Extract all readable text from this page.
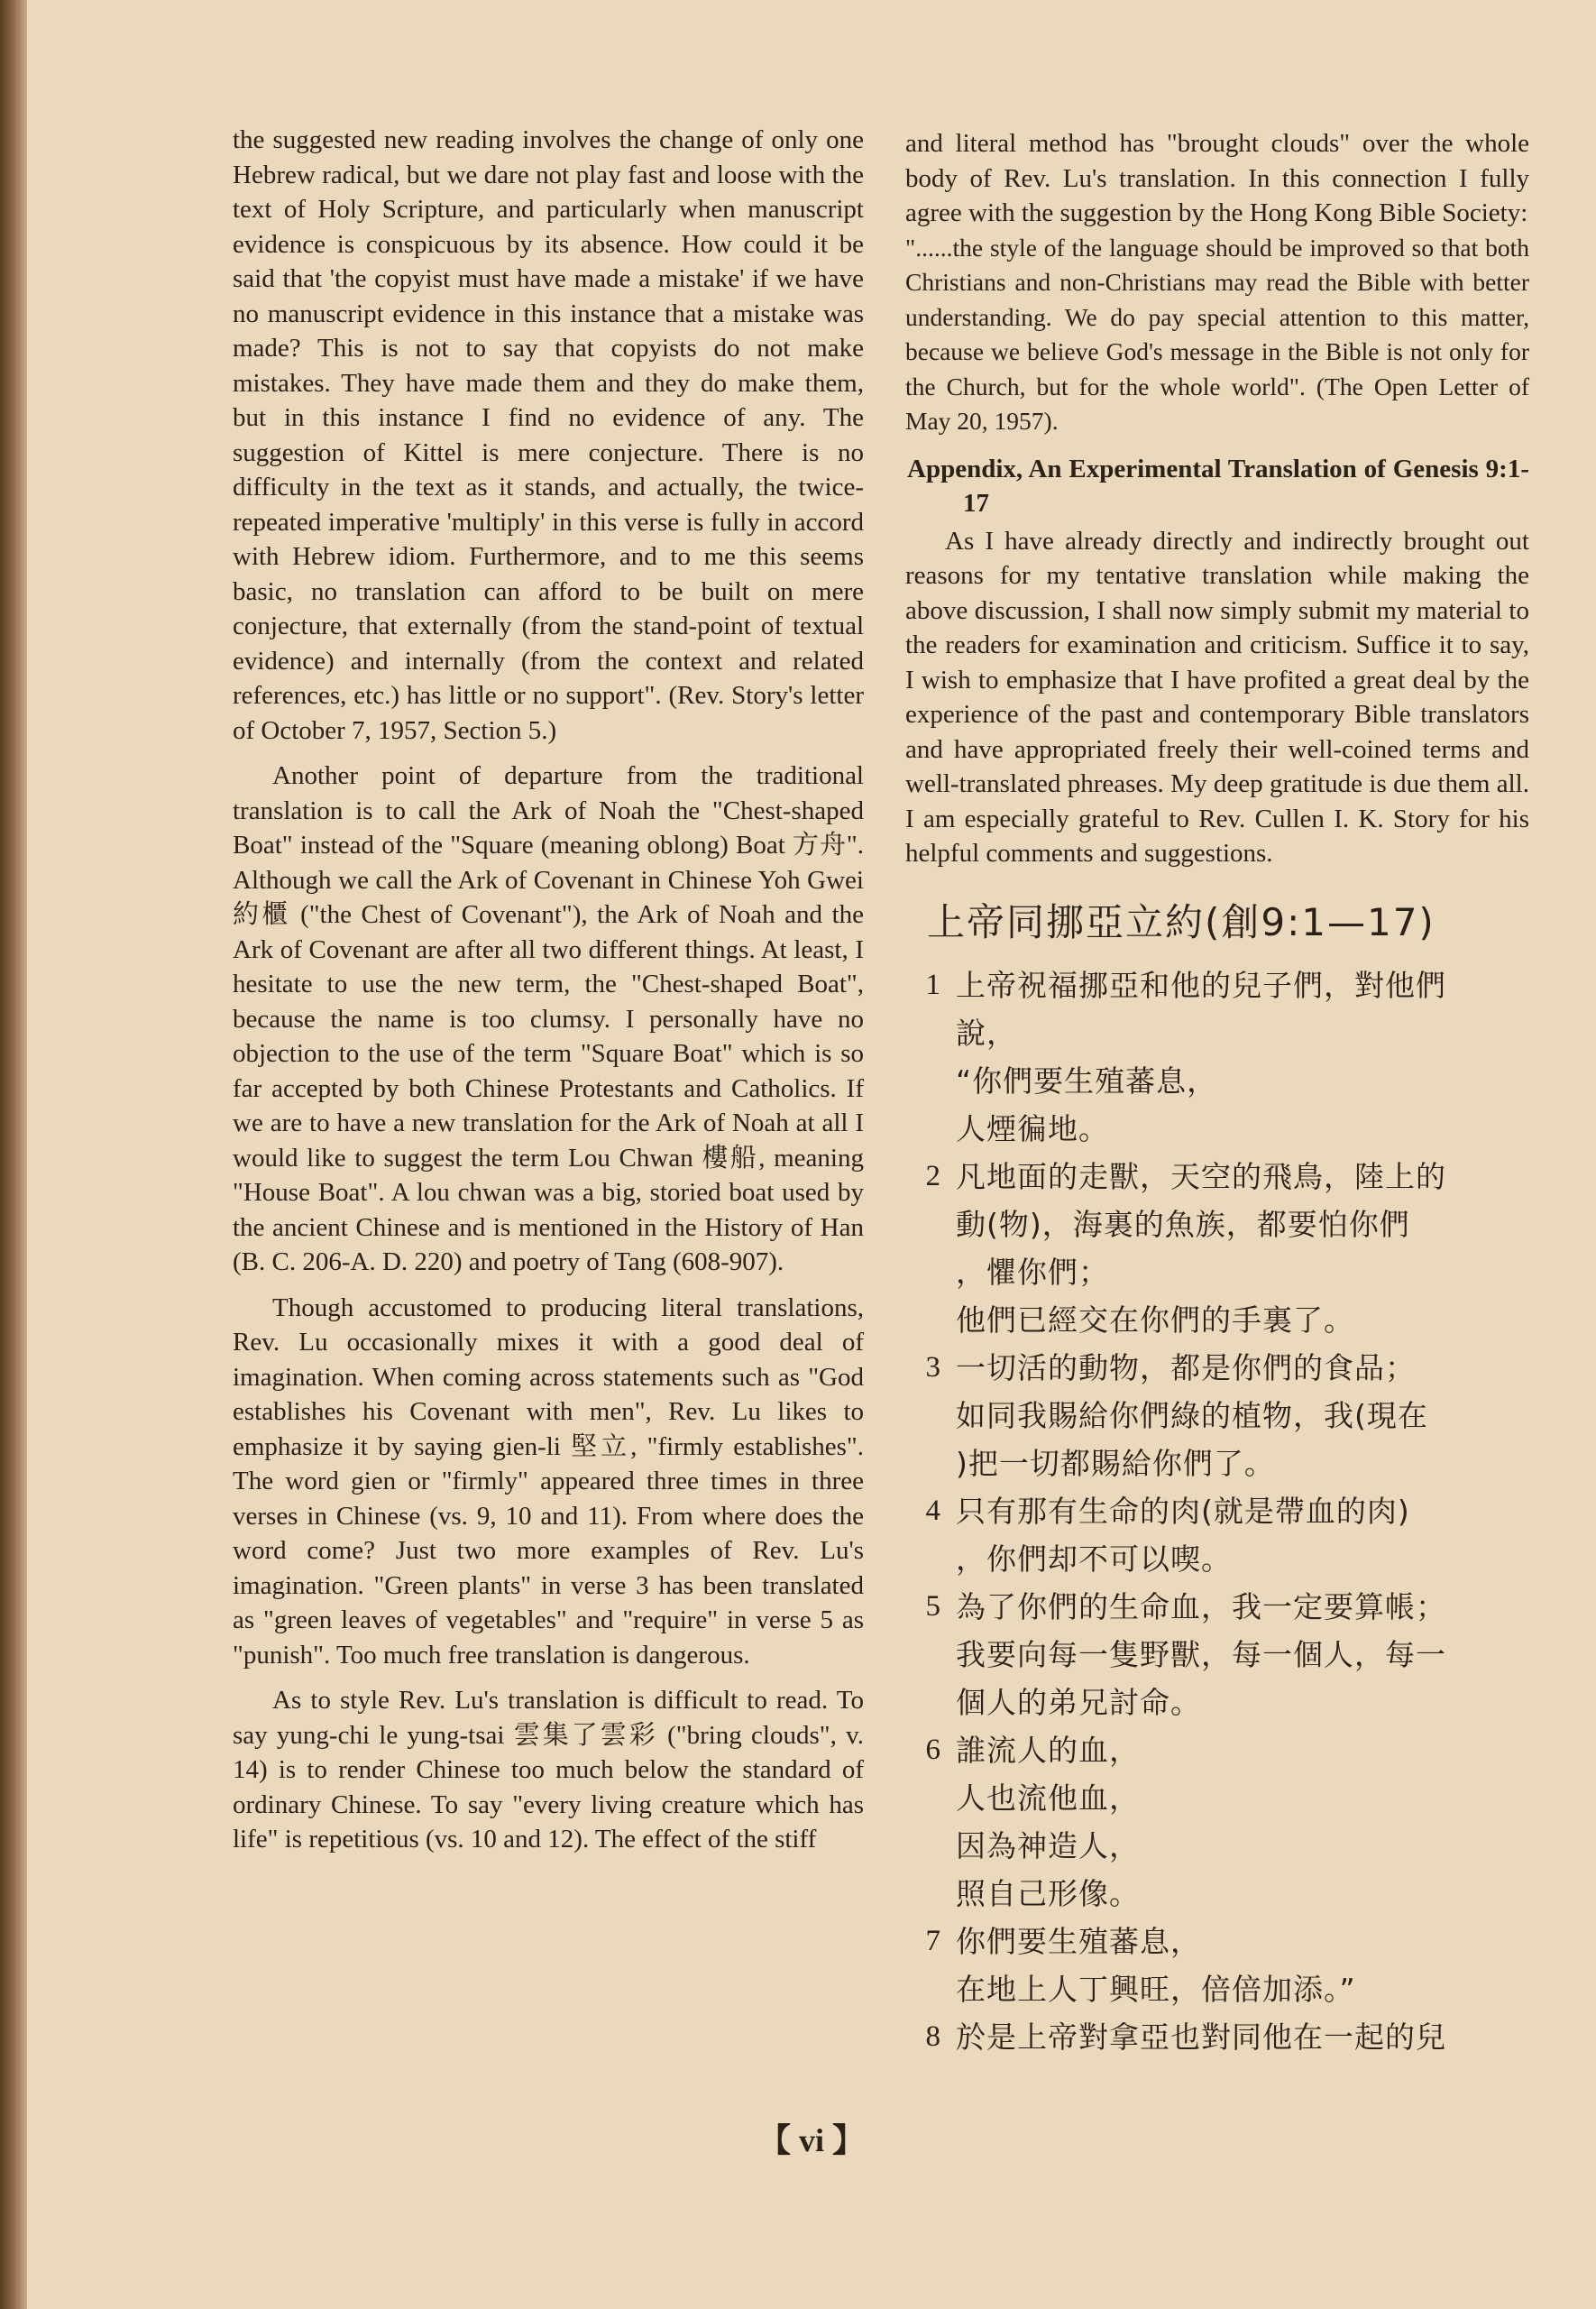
the suggested new reading involves the change of only one Hebrew radical, but we dare not play fast and loose with the text of Holy Scripture, and particularly when manuscript evidence is conspicuous by its absence. How could it be said that 'the copyist must have made a mistake' if we have no manuscript evidence in this instance that a mistake was made? This is not to say that copyists do not make mistakes. They have made them and they do make them, but in this instance I find no evidence of any. The suggestion of Kittel is mere conjecture. There is no difficulty in the text as it stands, and actually, the twice-repeated imperative 'multiply' in this verse is fully in accord with Hebrew idiom. Furthermore, and to me this seems basic, no translation can afford to be built on mere conjecture, that externally (from the stand-point of textual evidence) and internally (from the context and related references, etc.) has little or no support". (Rev. Story's letter of October 7, 1957, Section 5.)

Another point of departure from the traditional translation is to call the Ark of Noah the "Chest-shaped Boat" instead of the "Square (meaning oblong) Boat 方舟". Although we call the Ark of Covenant in Chinese Yoh Gwei 約櫃 ("the Chest of Covenant"), the Ark of Noah and the Ark of Covenant are after all two different things. At least, I hesitate to use the new term, the "Chest-shaped Boat", because the name is too clumsy. I personally have no objection to the use of the term "Square Boat" which is so far accepted by both Chinese Protestants and Catholics. If we are to have a new translation for the Ark of Noah at all I would like to suggest the term Lou Chwan 樓船, meaning "House Boat". A lou chwan was a big, storied boat used by the ancient Chinese and is mentioned in the History of Han (B. C. 206-A. D. 220) and poetry of Tang (608-907).

Though accustomed to producing literal translations, Rev. Lu occasionally mixes it with a good deal of imagination. When coming across statements such as "God establishes his Covenant with men", Rev. Lu likes to emphasize it by saying gien-li 堅立, "firmly establishes". The word gien or "firmly" appeared three times in three verses in Chinese (vs. 9, 10 and 11). From where does the word come? Just two more examples of Rev. Lu's imagination. "Green plants" in verse 3 has been translated as "green leaves of vegetables" and "require" in verse 5 as "punish". Too much free translation is dangerous.

As to style Rev. Lu's translation is difficult to read. To say yung-chi le yung-tsai 雲集了雲彩 ("bring clouds", v. 14) is to render Chinese too much below the standard of ordinary Chinese. To say "every living creature which has life" is repetitious (vs. 10 and 12). The effect of the stiff

and literal method has "brought clouds" over the whole body of Rev. Lu's translation. In this connection I fully agree with the suggestion by the Hong Kong Bible Society:

"......the style of the language should be improved so that both Christians and non-Christians may read the Bible with better understanding. We do pay special attention to this matter, because we believe God's message in the Bible is not only for the Church, but for the whole world". (The Open Letter of May 20, 1957).

Appendix, An Experimental Translation of Genesis 9:1-17

As I have already directly and indirectly brought out reasons for my tentative translation while making the above discussion, I shall now simply submit my material to the readers for examination and criticism. Suffice it to say, I wish to emphasize that I have profited a great deal by the experience of the past and contemporary Bible translators and have appropriated freely their well-coined terms and well-translated phreases. My deep gratitude is due them all. I am especially grateful to Rev. Cullen I. K. Story for his helpful comments and suggestions.

上帝同挪亞立約(創9:1—17)
1 上帝祝福挪亞和他的兒子們，對他們
說，
“你們要生殖蕃息，
人煙徧地。
2 凡地面的走獸，天空的飛鳥，陸上的
動(物)，海裏的魚族，都要怕你們
，懼你們；
他們已經交在你們的手裏了。
3 一切活的動物，都是你們的食品；
如同我賜給你們綠的植物，我(現在
)把一切都賜給你們了。
4 只有那有生命的肉(就是帶血的肉)
，你們却不可以喫。
5 為了你們的生命血，我一定要算帳；
我要向每一隻野獸，每一個人，每一
個人的弟兄討命。
6 誰流人的血，
人也流他血，
因為神造人，
照自己形像。
7 你們要生殖蕃息，
在地上人丁興旺，倍倍加添。”
8 於是上帝對拿亞也對同他在一起的兒
【 vi 】
